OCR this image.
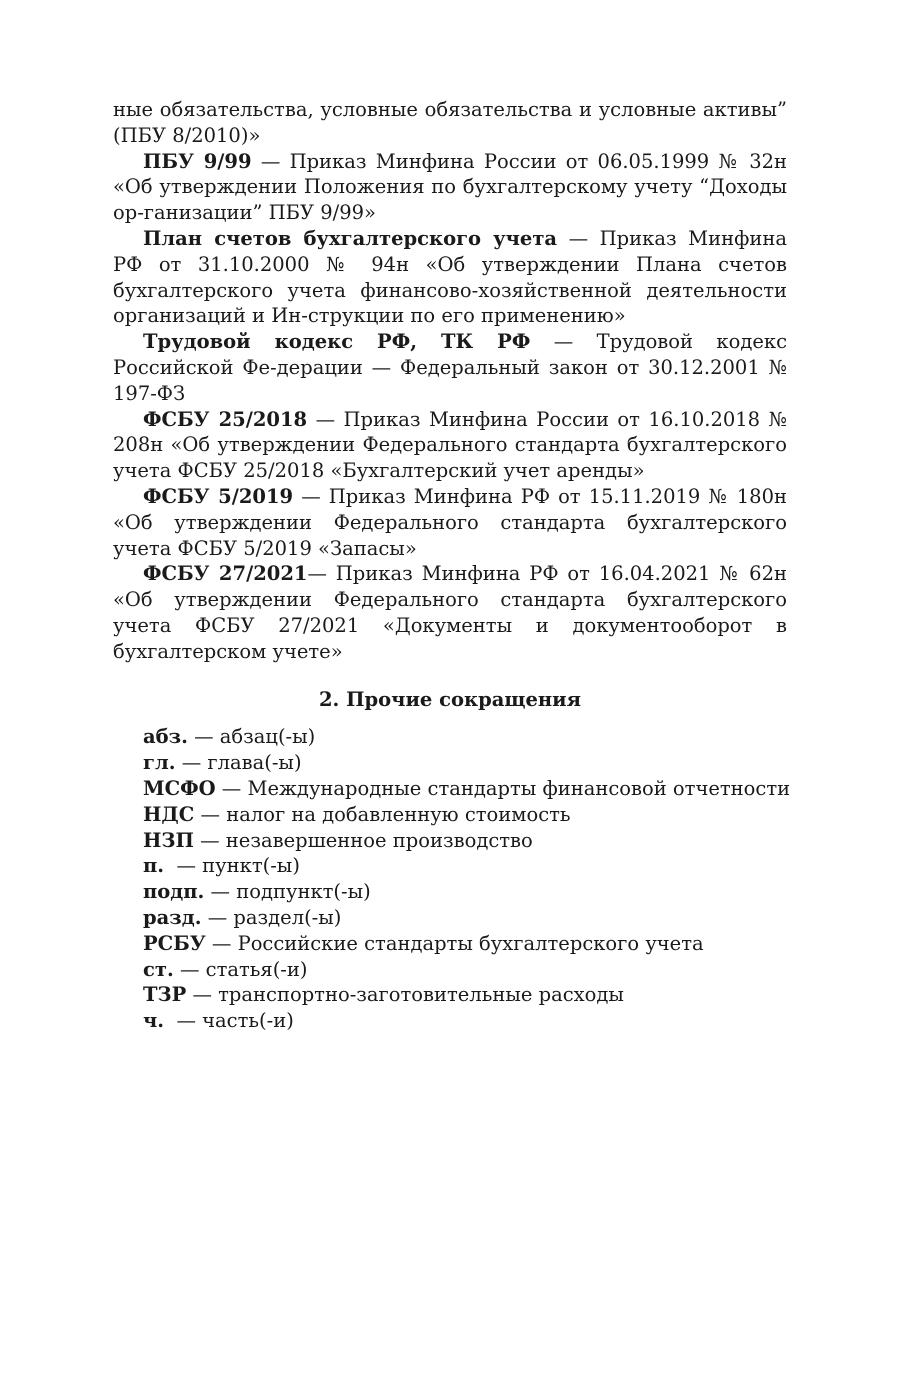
ные обязательства, условные обязательства и условные активы”
(ПБУ 8/2010)»

ПБУ 9/99 — Приказ Минфина России от 06.05.1999 № 32н «Об утверждении Положения по бухгалтерскому учету “Доходы ор-ганизации” ПБУ 9/99»

План счетов бухгалтерского учета — Приказ Минфина РФ от 31.10.2000 № 94н «Об утверждении Плана счетов бухгалтерского учета финансово-хозяйственной деятельности организаций и Ин-струкции по его применению»

Трудовой кодекс РФ, ТК РФ — Трудовой кодекс Российской Фе-дерации — Федеральный закон от 30.12.2001 № 197-ФЗ

ФСБУ 25/2018 — Приказ Минфина России от 16.10.2018 № 208н «Об утверждении Федерального стандарта бухгалтерского учета ФСБУ 25/2018 «Бухгалтерский учет аренды»

ФСБУ 5/2019 — Приказ Минфина РФ от 15.11.2019 № 180н «Об утверждении Федерального стандарта бухгалтерского учета ФСБУ 5/2019 «Запасы»

ФСБУ 27/2021— Приказ Минфина РФ от 16.04.2021 № 62н «Об утверждении Федерального стандарта бухгалтерского учета ФСБУ 27/2021 «Документы и документооборот в бухгалтерском учете»

2. Прочие сокращения
абз. — абзац(-ы)
гл. — глава(-ы)
МСФО — Международные стандарты финансовой отчетности
НДС — налог на добавленную стоимость
НЗП — незавершенное производство
п.  — пункт(-ы)
подп. — подпункт(-ы)
разд. — раздел(-ы)
РСБУ — Российские стандарты бухгалтерского учета
ст. — статья(-и)
ТЗР — транспортно-заготовительные расходы
ч.  — часть(-и)
